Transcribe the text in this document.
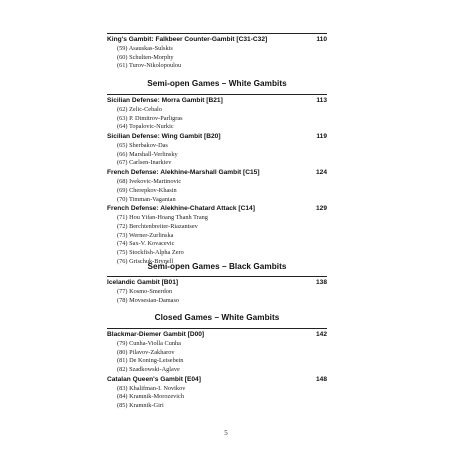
King's Gambit: Falkbeer Counter-Gambit [C31-C32]	110
(59) Asauskas-Sulskis
(60) Schulten-Morphy
(61) Turov-Nikolopoulou
Semi-open Games – White Gambits
Sicilian Defense: Morra Gambit [B21]	113
(62) Zelic-Cebalo
(63) P. Dimitrov-Parligras
(64) Topalovic-Nurkic
Sicilian Defense: Wing Gambit [B20]	119
(65) Sherbakov-Das
(66) Marshall-Verlinsky
(67) Carlsen-Inarkiev
French Defense: Alekhine-Marshall Gambit [C15]	124
(68) Ivekovic-Martinovic
(69) Cherepkov-Khasin
(70) Timman-Vaganian
French Defense: Alekhine-Chatard Attack [C14]	129
(71) Hou Yifan-Hoang Thanh Trang
(72) Berchtenbreiter-Riazantsev
(73) Werner-Zurlinska
(74) Sax-V. Kovacevic
(75) Stockfish-Alpha Zero
(76) Grischuk-Brynell
Semi-open Games – Black Gambits
Icelandic Gambit [B01]	138
(77) Kosmo-Smerdon
(78) Movsesian-Damaso
Closed Games – White Gambits
Blackmar-Diemer Gambit [D00]	142
(79) Cunha-Violla Cunha
(80) Pilavov-Zakharov
(81) De Koning-Leisebein
(82) Szadkowski-Aglave
Catalan Queen's Gambit [E04]	148
(83) Khalifman-I. Novikov
(84) Kramnik-Morozevich
(85) Kramnik-Giri
5
